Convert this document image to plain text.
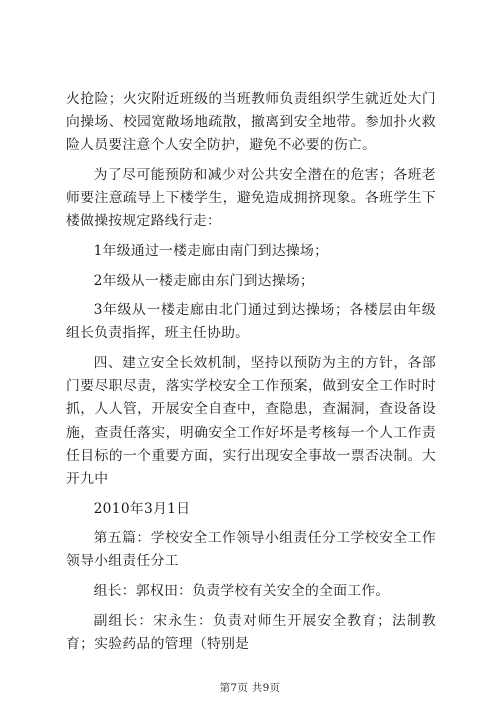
火抢险；火灾附近班级的当班教师负责组织学生就近处大门向操场、校园宽敞场地疏散，撤离到安全地带。参加扑火救险人员要注意个人安全防护，避免不必要的伤亡。

为了尽可能预防和减少对公共安全潜在的危害；各班老师要注意疏导上下楼学生，避免造成拥挤现象。各班学生下楼做操按规定路线行走：

1年级通过一楼走廊由南门到达操场；

2年级从一楼走廊由东门到达操场；

3年级从一楼走廊由北门通过到达操场；各楼层由年级组长负责指挥，班主任协助。

四、建立安全长效机制，坚持以预防为主的方针，各部门要尽职尽责，落实学校安全工作预案，做到安全工作时时抓，人人管，开展安全自查中，查隐患，查漏洞，查设备设施，查责任落实，明确安全工作好坏是考核每一个人工作责任目标的一个重要方面，实行出现安全事故一票否决制。大开九中

2010年3月1日

第五篇：学校安全工作领导小组责任分工学校安全工作领导小组责任分工

组长：郭权田：负责学校有关安全的全面工作。

副组长：宋永生：负责对师生开展安全教育；法制教育；实验药品的管理（特别是

第7页 共9页
